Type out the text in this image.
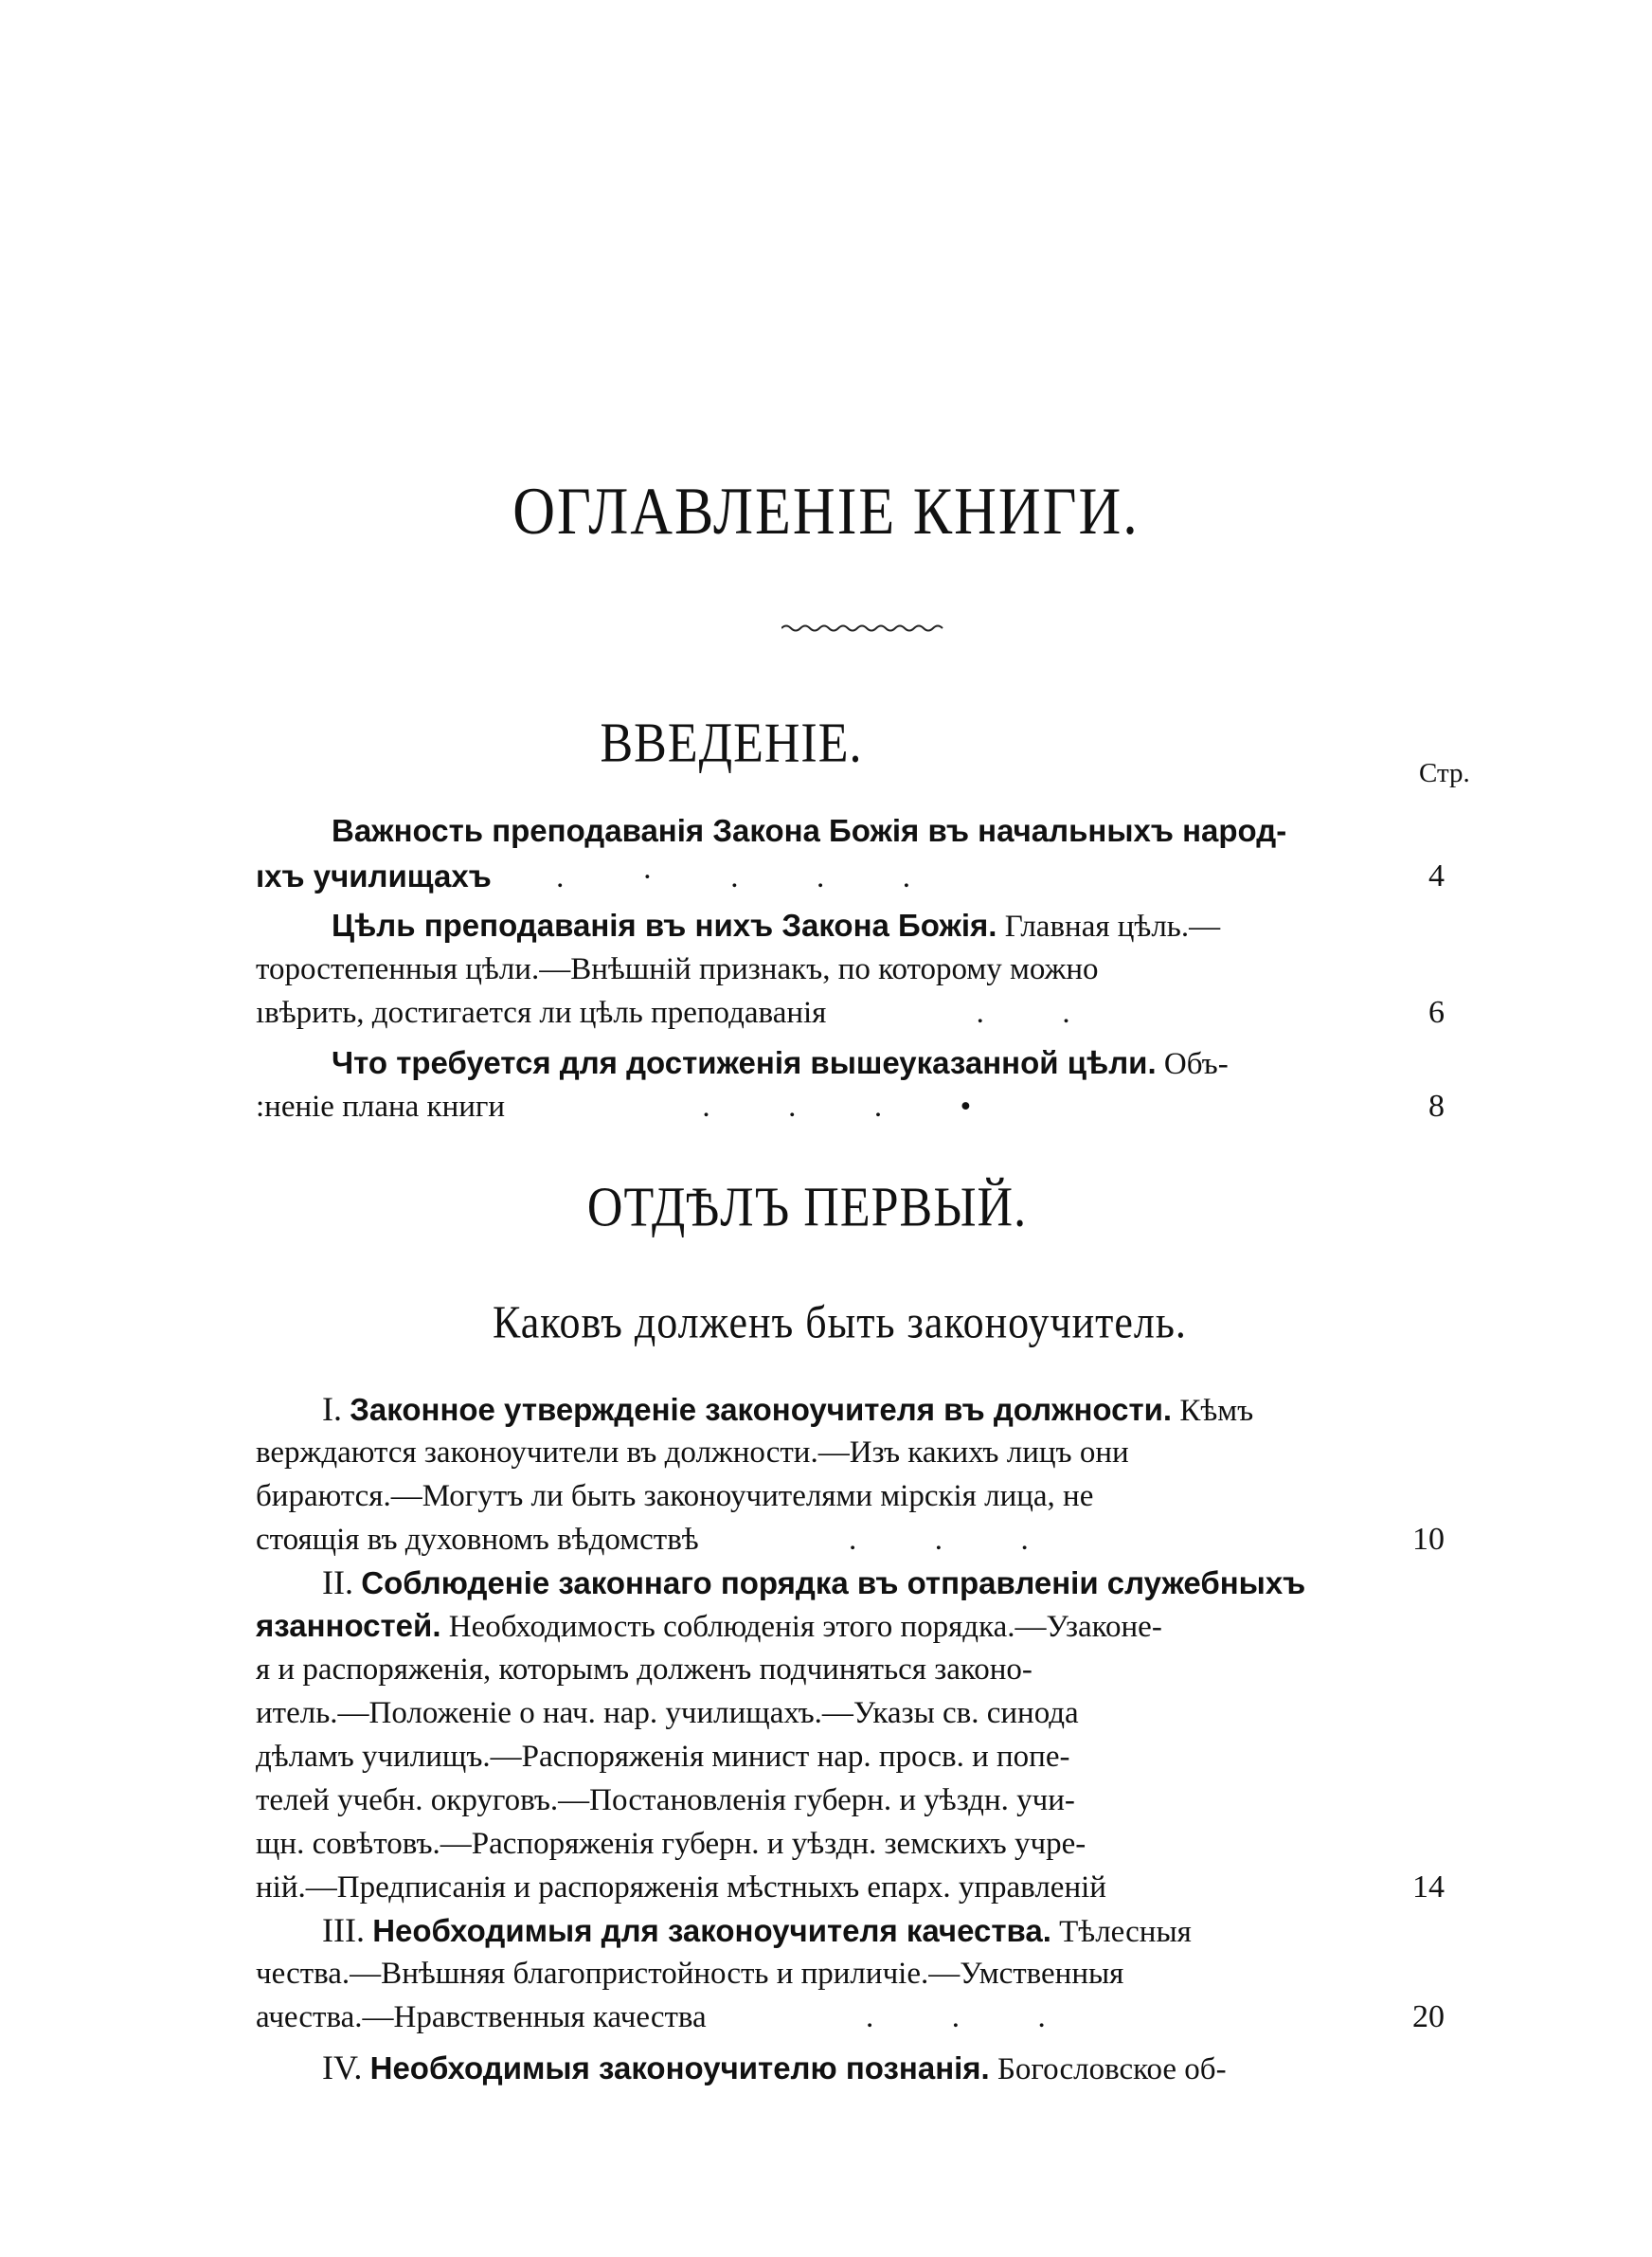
ОГЛАВЛЕНIЕ КНИГИ.
ВВЕДЕНIЕ.	Стр.
Важность преподаванiя Закона Божiя въ начальныхъ народ-
ıхъ училищахъ .          ·          .          .          .	4
Цѣль преподаванiя въ нихъ Закона Божiя. Главная цѣль.—
торостепенныя цѣли.—Внѣшнiй признакъ, по которому можно
ıвѣрить, достигается ли цѣль преподаванiя	.          .	6
Что требуется для достиженiя вышеуказанной цѣли. Объ-
:ненiе плана книги	.          .          .          •	8
ОТДѢЛЪ ПЕРВЫЙ.
Каковъ долженъ быть законоучитель.
I. Законное утвержденiе законоучителя въ должности. Кѣмъ
верждаются законоучители въ должности.—Изъ какихъ лицъ они
бираются.—Могутъ ли быть законоучителями мiрскiя лица, не
стоящiя въ духовномъ вѣдомствѣ	.          .          .	10
II. Соблюденiе законнаго порядка въ отправленiи служебныхъ
язанностей. Необходимость соблюденiя этого порядка.—Узаконе-
я и распоряженiя, которымъ долженъ подчиняться законо-
итель.—Положенiе о нач. нар. училищахъ.—Указы св. синода
дѣламъ училищъ.—Распоряженiя минист нар. просв. и попе-
телей учебн. округовъ.—Постановленiя губерн. и уѣздн. учи-
щн. совѣтовъ.—Распоряженiя губерн. и уѣздн. земскихъ учре-
нiй.—Предписанiя и распоряженiя мѣстныхъ епарх. управленiй	14
III. Необходимыя для законоучителя качества. Тѣлесныя
чества.—Внѣшняя благопристойность и приличiе.—Умственныя
ачества.—Нравственныя качества	.          .          .	20
IV. Необходимыя законоучителю познанiя. Богословское об-
